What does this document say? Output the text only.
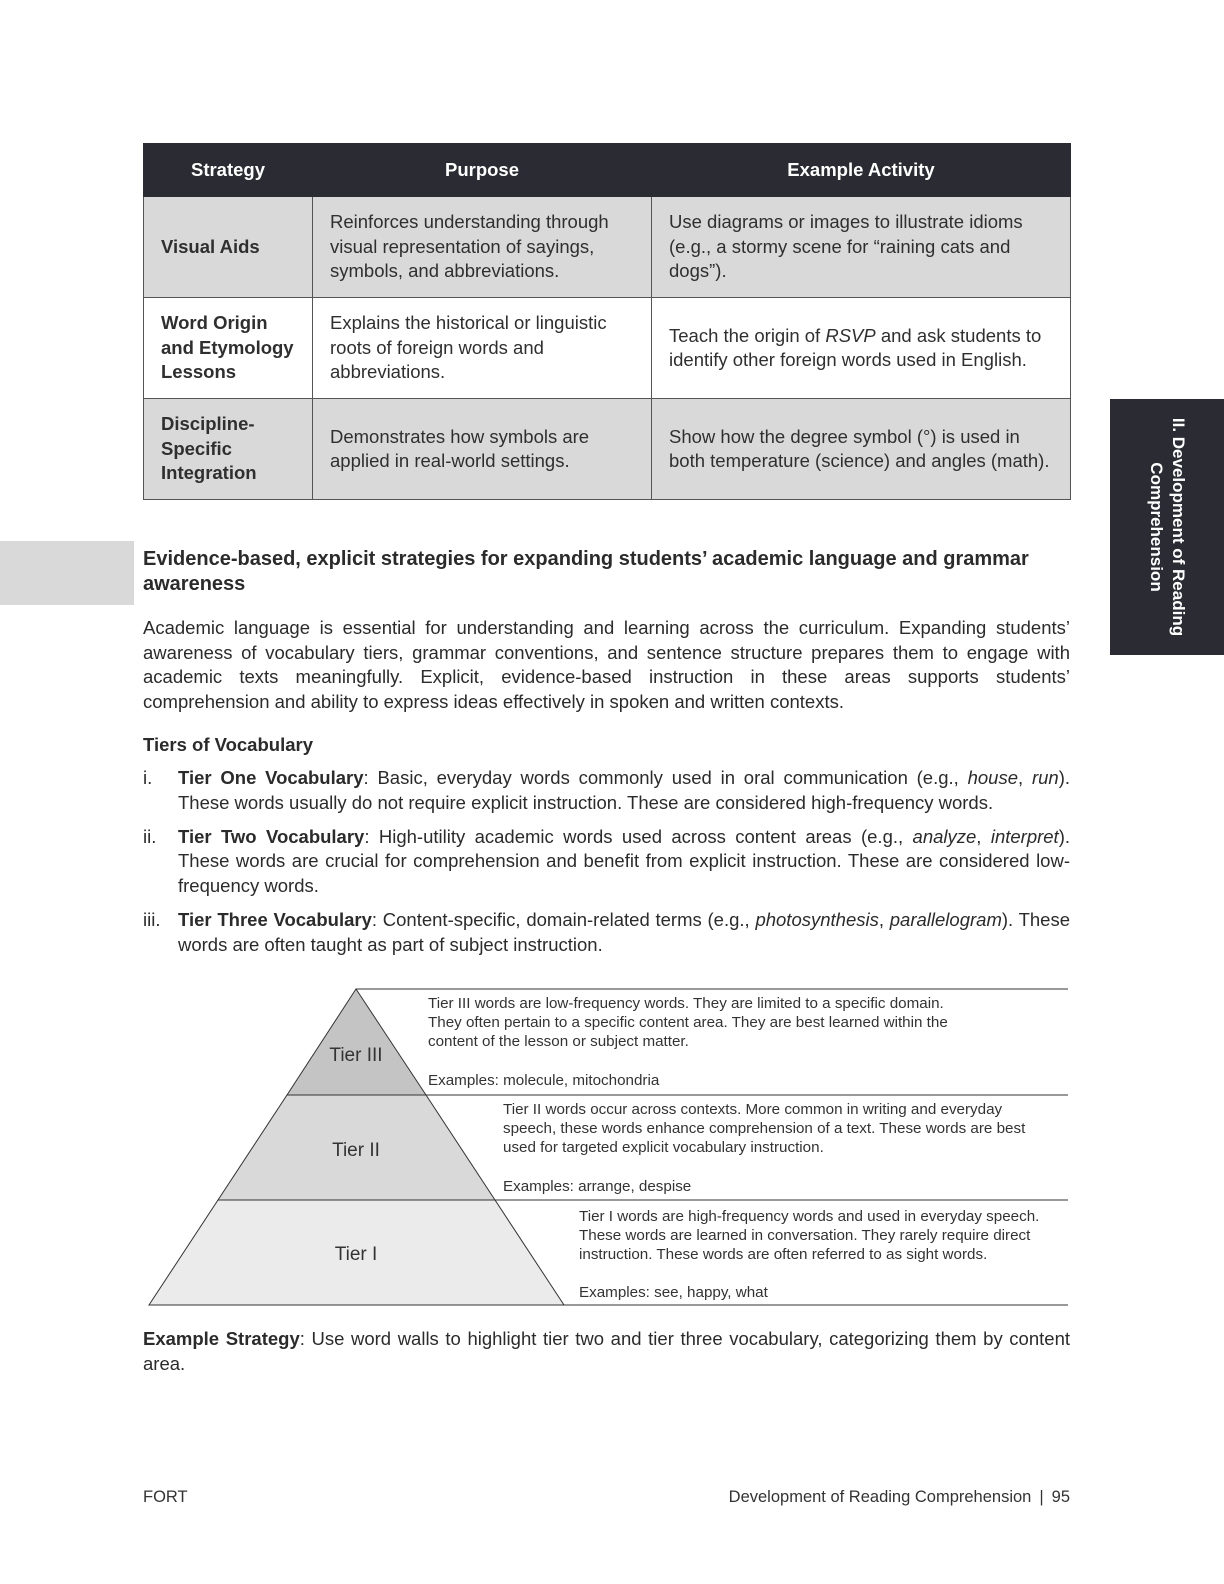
Strategy	Purpose	Example Activity
Visual Aids	Reinforces understanding through visual representation of sayings, symbols, and abbreviations.	Use diagrams or images to illustrate idioms (e.g., a stormy scene for “raining cats and dogs”).
Word Origin and Etymology Lessons	Explains the historical or linguistic roots of foreign words and abbreviations.	Teach the origin of RSVP and ask students to identify other foreign words used in English.
Discipline-Specific Integration	Demonstrates how symbols are applied in real-world settings.	Show how the degree symbol (°) is used in both temperature (science) and angles (math).	II. Development of Reading
Comprehension
Evidence-based, explicit strategies for expanding students’ academic language and grammar awareness

Academic language is essential for understanding and learning across the curriculum. Expanding students’ awareness of vocabulary tiers, grammar conventions, and sentence structure prepares them to engage with academic texts meaningfully. Explicit, evidence-based instruction in these areas supports students’ comprehension and ability to express ideas effectively in spoken and written contexts.

Tiers of Vocabulary
i. Tier One Vocabulary: Basic, everyday words commonly used in oral communication (e.g., house, run). These words usually do not require explicit instruction. These are considered high-frequency words.
ii. Tier Two Vocabulary: High-utility academic words used across content areas (e.g., analyze, interpret). These words are crucial for comprehension and benefit from explicit instruction. These are considered low-frequency words.
iii. Tier Three Vocabulary: Content-specific, domain-related terms (e.g., photosynthesis, parallelogram). These words are often taught as part of subject instruction.
Tier III
Tier II
Tier I

Tier III words are low-frequency words. They are limited to a specific domain. They often pertain to a specific content area. They are best learned within the content of the lesson or subject matter.

Examples: molecule, mitochondria

Tier II words occur across contexts. More common in writing and everyday speech, these words enhance comprehension of a text. These words are best used for targeted explicit vocabulary instruction.

Examples: arrange, despise

Tier I words are high-frequency words and used in everyday speech. These words are learned in conversation. They rarely require direct instruction. These words are often referred to as sight words.

Examples: see, happy, what

Example Strategy: Use word walls to highlight tier two and tier three vocabulary, categorizing them by content area.

FORT	Development of Reading Comprehension | 95
